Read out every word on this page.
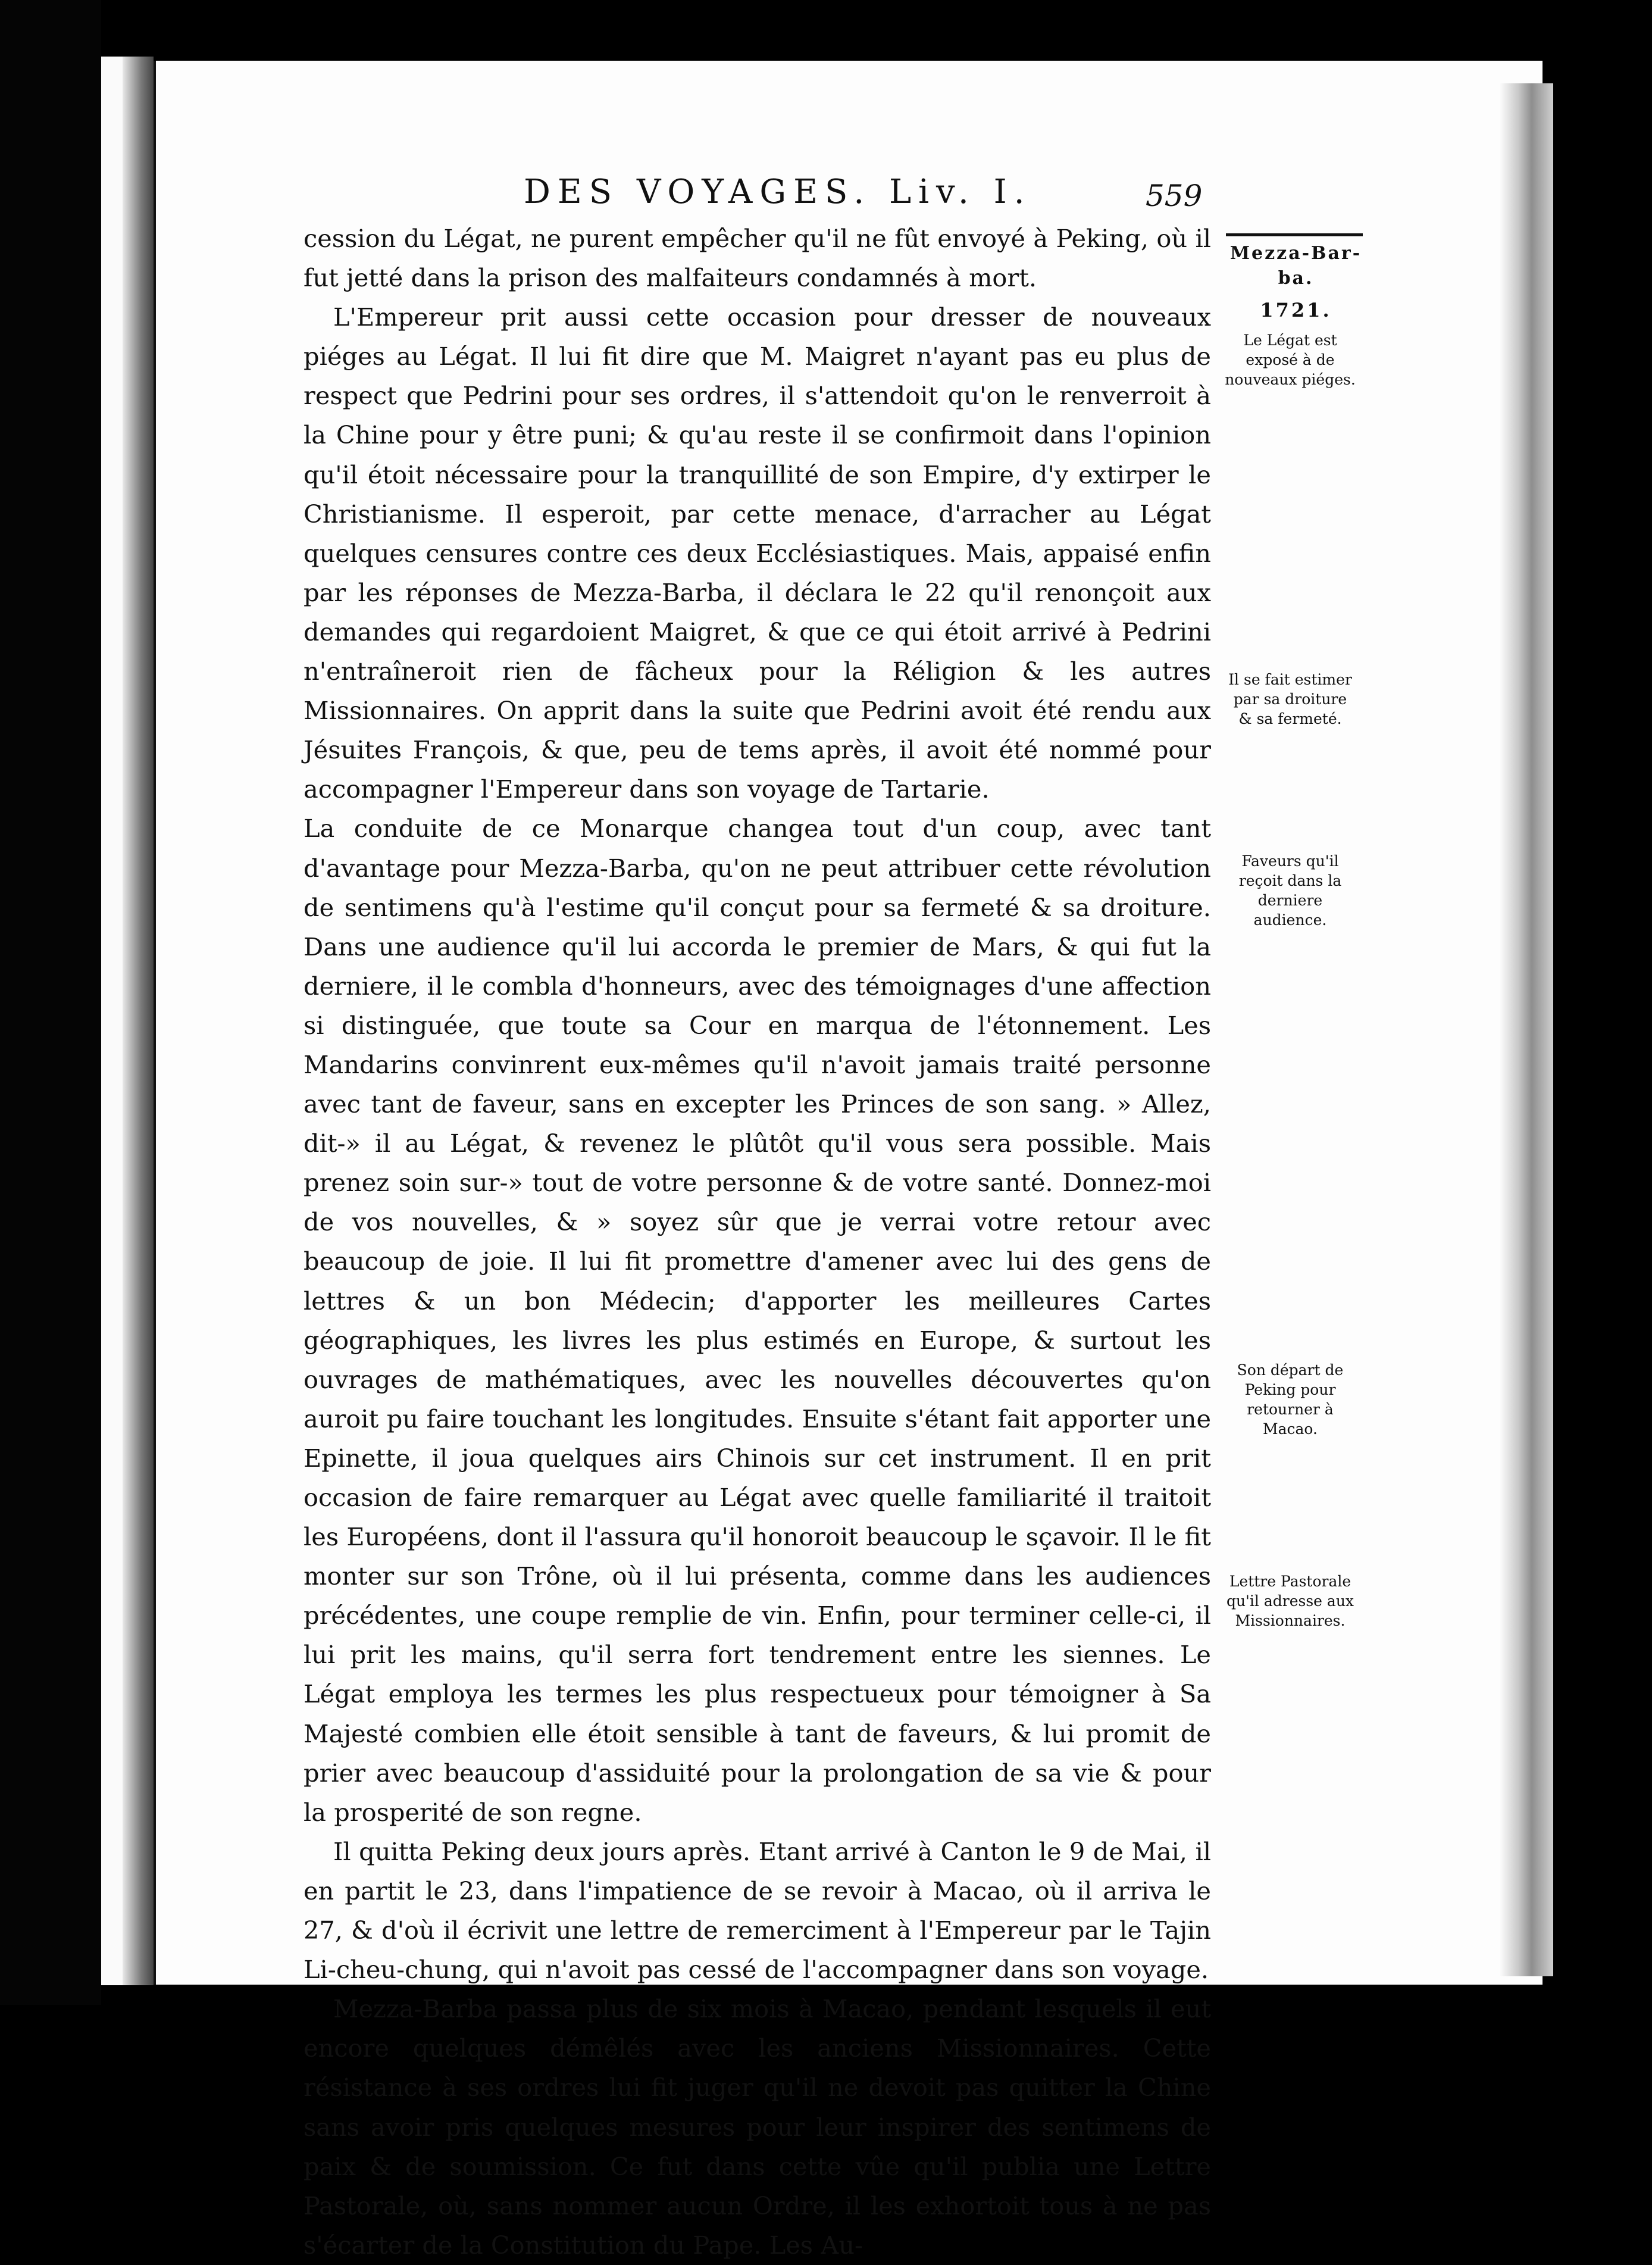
DES VOYAGES. Liv. I.	559
Mezza-Bar-ba.
1721.
Le Légat est exposé à de nouveaux piéges.
Il se fait estimer par sa droiture & sa fermeté.
Faveurs qu'il reçoit dans la derniere audience.
Son départ de Peking pour retourner à Macao.
Lettre Pastorale qu'il adresse aux Missionnaires.

cession du Légat, ne purent empêcher qu'il ne fût envoyé à Peking, où il fut jetté dans la prison des malfaiteurs condamnés à mort.

L'Empereur prit aussi cette occasion pour dresser de nouveaux piéges au Légat. Il lui fit dire que M. Maigret n'ayant pas eu plus de respect que Pedrini pour ses ordres, il s'attendoit qu'on le renverroit à la Chine pour y être puni; & qu'au reste il se confirmoit dans l'opinion qu'il étoit nécessaire pour la tranquillité de son Empire, d'y extirper le Christianisme. Il esperoit, par cette menace, d'arracher au Légat quelques censures contre ces deux Ecclésiastiques. Mais, appaisé enfin par les réponses de Mezza-Barba, il déclara le 22 qu'il renonçoit aux demandes qui regardoient Maigret, & que ce qui étoit arrivé à Pedrini n'entraîneroit rien de fâcheux pour la Réligion & les autres Missionnaires. On apprit dans la suite que Pedrini avoit été rendu aux Jésuites François, & que, peu de tems après, il avoit été nommé pour accompagner l'Empereur dans son voyage de Tartarie.

La conduite de ce Monarque changea tout d'un coup, avec tant d'avantage pour Mezza-Barba, qu'on ne peut attribuer cette révolution de sentimens qu'à l'estime qu'il conçut pour sa fermeté & sa droiture. Dans une audience qu'il lui accorda le premier de Mars, & qui fut la derniere, il le combla d'honneurs, avec des témoignages d'une affection si distinguée, que toute sa Cour en marqua de l'étonnement. Les Mandarins convinrent eux-mêmes qu'il n'avoit jamais traité personne avec tant de faveur, sans en excepter les Princes de son sang. » Allez, dit-» il au Légat, & revenez le plûtôt qu'il vous sera possible. Mais prenez soin sur-» tout de votre personne & de votre santé. Donnez-moi de vos nouvelles, & » soyez sûr que je verrai votre retour avec beaucoup de joie. Il lui fit promettre d'amener avec lui des gens de lettres & un bon Médecin; d'apporter les meilleures Cartes géographiques, les livres les plus estimés en Europe, & surtout les ouvrages de mathématiques, avec les nouvelles découvertes qu'on auroit pu faire touchant les longitudes. Ensuite s'étant fait apporter une Epinette, il joua quelques airs Chinois sur cet instrument. Il en prit occasion de faire remarquer au Légat avec quelle familiarité il traitoit les Européens, dont il l'assura qu'il honoroit beaucoup le sçavoir. Il le fit monter sur son Trône, où il lui présenta, comme dans les audiences précédentes, une coupe remplie de vin. Enfin, pour terminer celle-ci, il lui prit les mains, qu'il serra fort tendrement entre les siennes. Le Légat employa les termes les plus respectueux pour témoigner à Sa Majesté combien elle étoit sensible à tant de faveurs, & lui promit de prier avec beaucoup d'assiduité pour la prolongation de sa vie & pour la prosperité de son regne.

Il quitta Peking deux jours après. Etant arrivé à Canton le 9 de Mai, il en partit le 23, dans l'impatience de se revoir à Macao, où il arriva le 27, & d'où il écrivit une lettre de remerciment à l'Empereur par le Tajin Li-cheu-chung, qui n'avoit pas cessé de l'accompagner dans son voyage.

Mezza-Barba passa plus de six mois à Macao, pendant lesquels il eut encore quelques démêlés avec les anciens Missionnaires. Cette résistance à ses ordres lui fit juger qu'il ne devoit pas quitter la Chine sans avoir pris quelques mesures pour leur inspirer des sentimens de paix & de soumission. Ce fut dans cette vûe qu'il publia une Lettre Pastorale, où, sans nommer aucun Ordre, il les exhortoit tous à ne pas s'écarter de la Constitution du Pape. Les Au-
